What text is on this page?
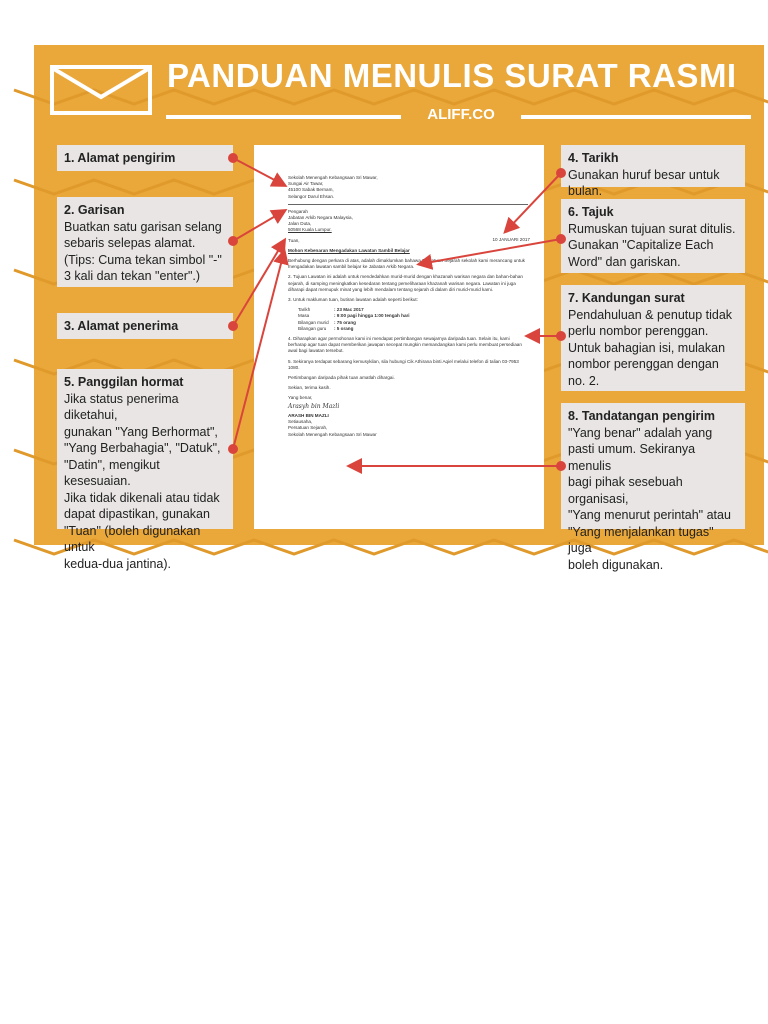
PANDUAN MENULIS SURAT RASMI
ALIFF.CO
1. Alamat pengirim
2. Garisan
Buatkan satu garisan selang
sebaris selepas alamat.
(Tips: Cuma tekan simbol "-"
3 kali dan tekan "enter".)
3. Alamat penerima
5. Panggilan hormat
Jika status penerima diketahui,
gunakan "Yang Berhormat",
"Yang Berbahagia", "Datuk",
"Datin", mengikut kesesuaian.
Jika tidak dikenali atau tidak
dapat dipastikan, gunakan
"Tuan" (boleh digunakan untuk
kedua-dua jantina).
4. Tarikh
Gunakan huruf besar untuk bulan.
6. Tajuk
Rumuskan tujuan surat ditulis.
Gunakan "Capitalize Each
Word" dan gariskan.
7. Kandungan surat
Pendahuluan & penutup tidak
perlu nombor perenggan.
Untuk bahagian isi, mulakan
nombor perenggan dengan
no. 2.
8. Tandatangan pengirim
"Yang benar" adalah yang
pasti umum. Sekiranya menulis
bagi pihak sesebuah organisasi,
"Yang menurut perintah" atau
"Yang menjalankan tugas" juga
boleh digunakan.
Sekolah Menengah Kebangsaan Sri Mawar,
Sungai Air Tawar,
45100 Sabak Bernam,
Selangor Darul Ehsan.
Pengarah
Jabatan Arkib Negara Malaysia,
Jalan Duta,
50568 Kuala Lumpur.
10 JANUARI 2017
Tuan,
Mohon Kebenaran Mengadakan Lawatan Sambil Belajar
Berhubung dengan perkara di atas, adalah dimaklumkan bahawa Persatuan Sejarah sekolah kami merancang untuk mengadakan lawatan sambil belajar ke Jabatan Arkib Negara.
2. Tujuan Lawatan ini adalah untuk mendedahkan murid-murid dengan khazanah warisan negara dan bahan-bahan sejarah, di samping meningkatkan kesedaran tentang pemeliharaan khazanah warisan negara. Lawatan ini juga diharapi dapat memupuk minat yang lebih mendalam tentang sejarah di dalam diri murid-murid kami.
3. Untuk makluman tuan, butiran lawatan adalah seperti berikut:
Tarikh	: 23 Mac 2017
Masa	: 9:00 pagi hingga 1:00 tengah hari
Bilangan murid	: 75 orang
Bilangan guru	: 5 orang
4. Diharapkan agar permohonan kami ini mendapat pertimbangan sewajarnya daripada tuan. Selain itu, kami berharap agar tuan dapat memberikan jawapan secepat mungkin memandangkan kami perlu membuat persediaan awal bagi lawatan tersebut.
5. Sekiranya terdapat sebarang kemusykilan, sila hubungi Cik Athirana binti Aqiel melalui telefon di talian 03-7953 1080.
Pertimbangan daripada pihak tuan amatlah dihargai.
Sekian, terima kasih.
Yang benar,
Arasyh bin Mazli
ARASH BIN MAZLI
Setiausaha,
Persatuan Sejarah,
Sekolah Menengah Kebangsaan Sri Mawar
